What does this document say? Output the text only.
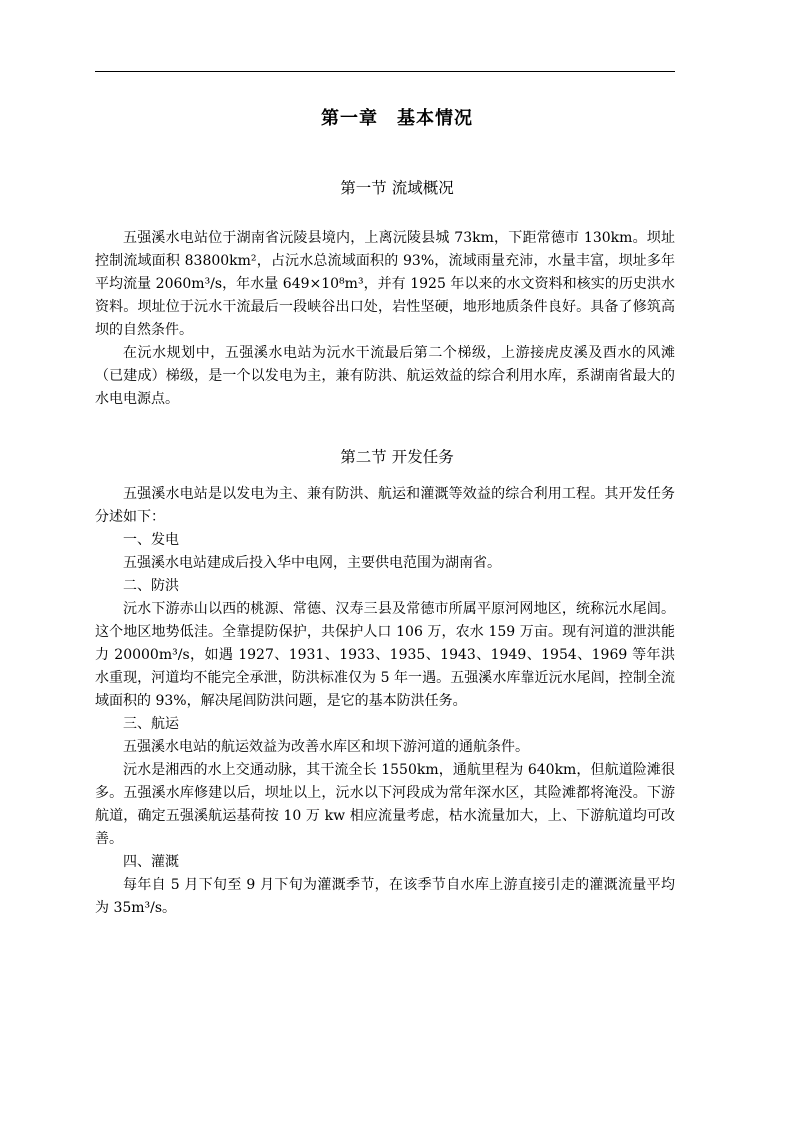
第一章　基本情况
第一节 流域概况

五强溪水电站位于湖南省沅陵县境内，上离沅陵县城 73km，下距常德市 130km。坝址控制流域面积 83800km²，占沅水总流域面积的 93%，流域雨量充沛，水量丰富，坝址多年平均流量 2060m³/s，年水量 649×10⁸m³，并有 1925 年以来的水文资料和核实的历史洪水资料。坝址位于沅水干流最后一段峡谷出口处，岩性坚硬，地形地质条件良好。具备了修筑高坝的自然条件。

在沅水规划中，五强溪水电站为沅水干流最后第二个梯级，上游接虎皮溪及酉水的风滩（已建成）梯级，是一个以发电为主，兼有防洪、航运效益的综合利用水库，系湖南省最大的水电电源点。

第二节 开发任务

五强溪水电站是以发电为主、兼有防洪、航运和灌溉等效益的综合利用工程。其开发任务分述如下：

一、发电

五强溪水电站建成后投入华中电网，主要供电范围为湖南省。

二、防洪

沅水下游赤山以西的桃源、常德、汉寿三县及常德市所属平原河网地区，统称沅水尾闾。这个地区地势低洼。全靠提防保护，共保护人口 106 万，农水 159 万亩。现有河道的泄洪能力 20000m³/s，如遇 1927、1931、1933、1935、1943、1949、1954、1969 等年洪水重现，河道均不能完全承泄，防洪标准仅为 5 年一遇。五强溪水库靠近沅水尾闾，控制全流域面积的 93%，解决尾闾防洪问题，是它的基本防洪任务。

三、航运

五强溪水电站的航运效益为改善水库区和坝下游河道的通航条件。

沅水是湘西的水上交通动脉，其干流全长 1550km，通航里程为 640km，但航道险滩很多。五强溪水库修建以后，坝址以上，沅水以下河段成为常年深水区，其险滩都将淹没。下游航道，确定五强溪航运基荷按 10 万 kw 相应流量考虑，枯水流量加大，上、下游航道均可改善。

四、灌溉

每年自 5 月下旬至 9 月下旬为灌溉季节，在该季节自水库上游直接引走的灌溉流量平均为 35m³/s。
